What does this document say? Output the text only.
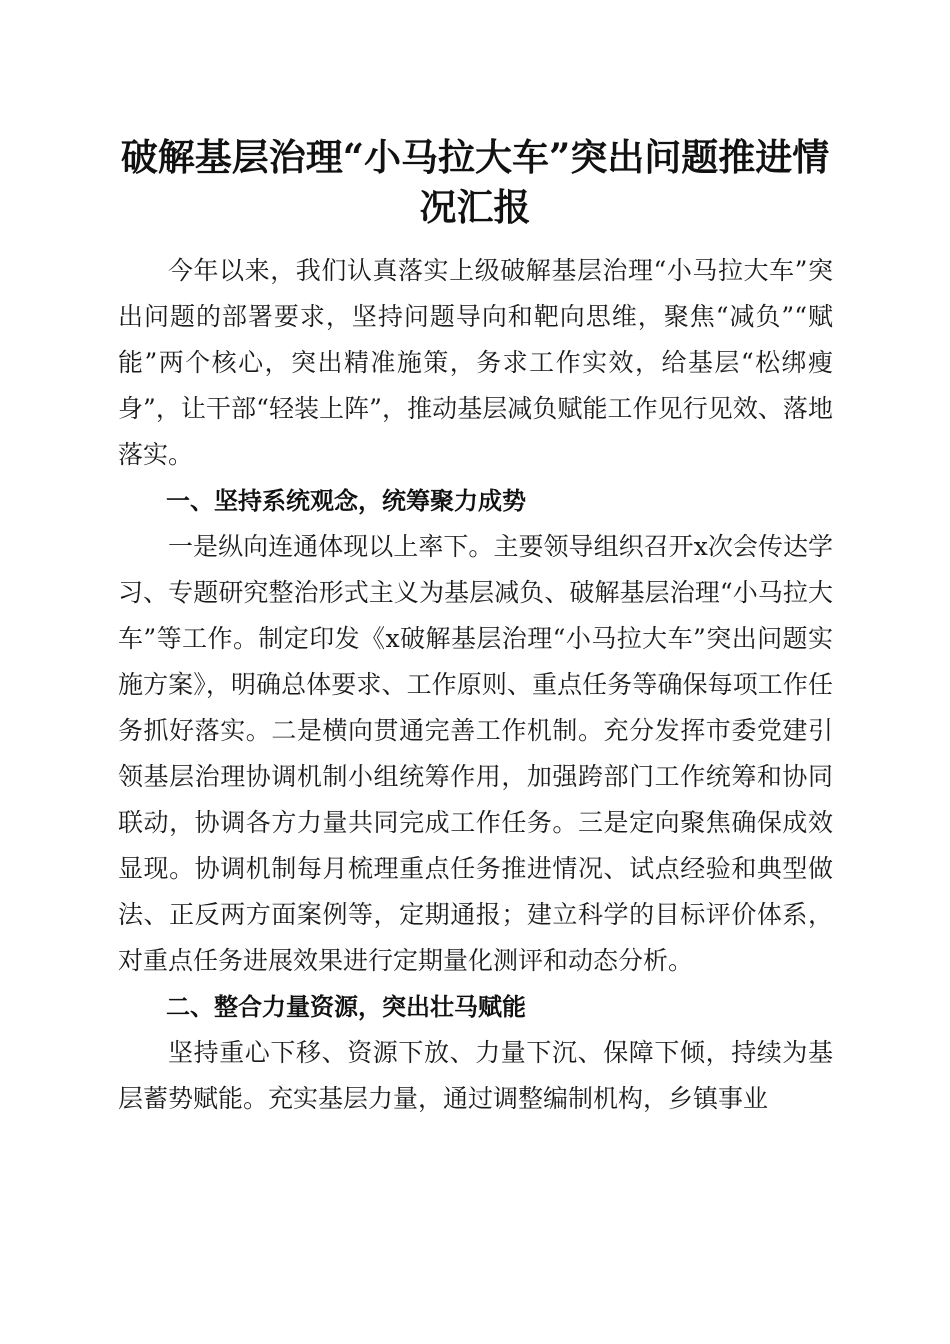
破解基层治理“小马拉大车”突出问题推进情况汇报

今年以来，我们认真落实上级破解基层治理“小马拉大车”突出问题的部署要求，坚持问题导向和靶向思维，聚焦“减负”“赋能”两个核心，突出精准施策，务求工作实效，给基层“松绑瘦身”，让干部“轻装上阵”，推动基层减负赋能工作见行见效、落地落实。

一、坚持系统观念，统筹聚力成势

一是纵向连通体现以上率下。主要领导组织召开x次会传达学习、专题研究整治形式主义为基层减负、破解基层治理“小马拉大车”等工作。制定印发《x破解基层治理“小马拉大车”突出问题实施方案》，明确总体要求、工作原则、重点任务等确保每项工作任务抓好落实。二是横向贯通完善工作机制。充分发挥市委党建引领基层治理协调机制小组统筹作用，加强跨部门工作统筹和协同联动，协调各方力量共同完成工作任务。三是定向聚焦确保成效显现。协调机制每月梳理重点任务推进情况、试点经验和典型做法、正反两方面案例等，定期通报；建立科学的目标评价体系，对重点任务进展效果进行定期量化测评和动态分析。

二、整合力量资源，突出壮马赋能

坚持重心下移、资源下放、力量下沉、保障下倾，持续为基层蓄势赋能。充实基层力量，通过调整编制机构，乡镇事业
